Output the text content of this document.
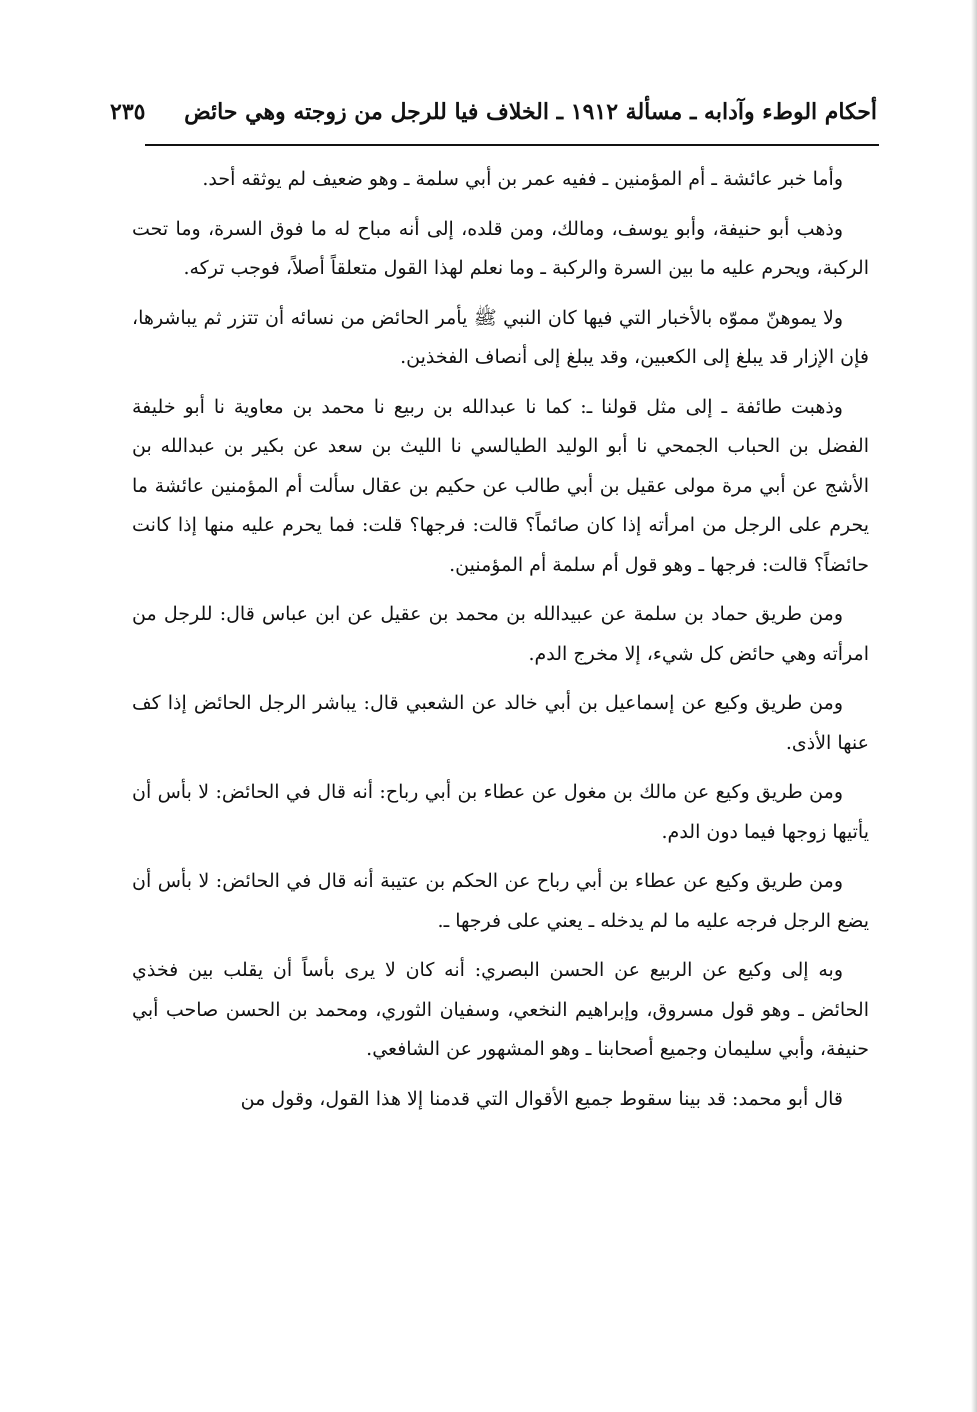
أحكام الوطء وآدابه ـ مسألة ١٩١٢ ـ الخلاف فيا للرجل من زوجته وهي حائض
٢٣٥

وأما خبر عائشة ـ أم المؤمنين ـ ففيه عمر بن أبي سلمة ـ وهو ضعيف لم يوثقه أحد.

وذهب أبو حنيفة، وأبو يوسف، ومالك، ومن قلده، إلى أنه مباح له ما فوق السرة، وما تحت الركبة، ويحرم عليه ما بين السرة والركبة ـ وما نعلم لهذا القول متعلقاً أصلاً، فوجب تركه.

ولا يموهنّ مموّه بالأخبار التي فيها كان النبي ﷺ يأمر الحائض من نسائه أن تتزر ثم يباشرها، فإن الإزار قد يبلغ إلى الكعبين، وقد يبلغ إلى أنصاف الفخذين.

وذهبت طائفة ـ إلى مثل قولنا ـ: كما نا عبدالله بن ربيع نا محمد بن معاوية نا أبو خليفة الفضل بن الحباب الجمحي نا أبو الوليد الطيالسي نا الليث بن سعد عن بكير بن عبدالله بن الأشج عن أبي مرة مولى عقيل بن أبي طالب عن حكيم بن عقال سألت أم المؤمنين عائشة ما يحرم على الرجل من امرأته إذا كان صائماً؟ قالت: فرجها؟ قلت: فما يحرم عليه منها إذا كانت حائضاً؟ قالت: فرجها ـ وهو قول أم سلمة أم المؤمنين.

ومن طريق حماد بن سلمة عن عبيدالله بن محمد بن عقيل عن ابن عباس قال: للرجل من امرأته وهي حائض كل شيء، إلا مخرج الدم.

ومن طريق وكيع عن إسماعيل بن أبي خالد عن الشعبي قال: يباشر الرجل الحائض إذا كف عنها الأذى.

ومن طريق وكيع عن مالك بن مغول عن عطاء بن أبي رباح: أنه قال في الحائض: لا بأس أن يأتيها زوجها فيما دون الدم.

ومن طريق وكيع عن عطاء بن أبي رباح عن الحكم بن عتيبة أنه قال في الحائض: لا بأس أن يضع الرجل فرجه عليه ما لم يدخله ـ يعني على فرجها ـ.

وبه إلى وكيع عن الربيع عن الحسن البصري: أنه كان لا يرى بأساً أن يقلب بين فخذي الحائض ـ وهو قول مسروق، وإبراهيم النخعي، وسفيان الثوري، ومحمد بن الحسن صاحب أبي حنيفة، وأبي سليمان وجميع أصحابنا ـ وهو المشهور عن الشافعي.

قال أبو محمد: قد بينا سقوط جميع الأقوال التي قدمنا إلا هذا القول، وقول من
